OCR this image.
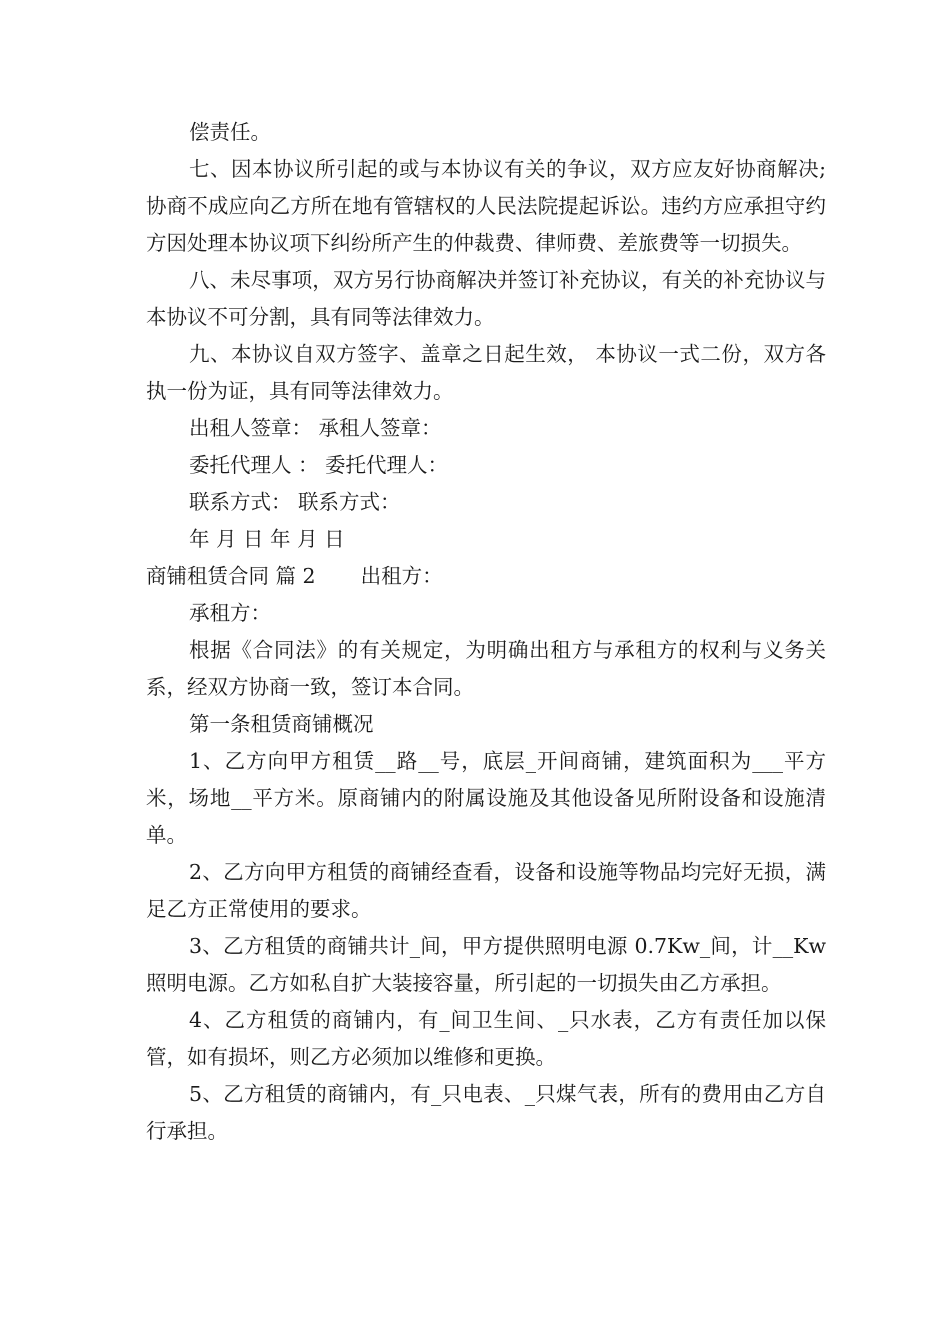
偿责任。

七、因本协议所引起的或与本协议有关的争议，双方应友好协商解决;协商不成应向乙方所在地有管辖权的人民法院提起诉讼。违约方应承担守约方因处理本协议项下纠纷所产生的仲裁费、律师费、差旅费等一切损失。

八、未尽事项，双方另行协商解决并签订补充协议，有关的补充协议与本协议不可分割，具有同等法律效力。

九、本协议自双方签字、盖章之日起生效， 本协议一式二份，双方各执一份为证，具有同等法律效力。

出租人签章： 承租人签章：

委托代理人 ： 委托代理人：

联系方式： 联系方式：

年 月 日 年 月 日

商铺租赁合同 篇 2 出租方：

承租方：

根据《合同法》的有关规定，为明确出租方与承租方的权利与义务关系，经双方协商一致，签订本合同。

第一条租赁商铺概况

1、乙方向甲方租赁__路__号，底层_开间商铺，建筑面积为___平方米，场地__平方米。原商铺内的附属设施及其他设备见所附设备和设施清单。

2、乙方向甲方租赁的商铺经查看，设备和设施等物品均完好无损，满足乙方正常使用的要求。

3、乙方租赁的商铺共计_间，甲方提供照明电源 0.7Kw_间，计__Kw 照明电源。乙方如私自扩大装接容量，所引起的一切损失由乙方承担。

4、乙方租赁的商铺内，有_间卫生间、_只水表，乙方有责任加以保管，如有损坏，则乙方必须加以维修和更换。

5、乙方租赁的商铺内，有_只电表、_只煤气表，所有的费用由乙方自行承担。
